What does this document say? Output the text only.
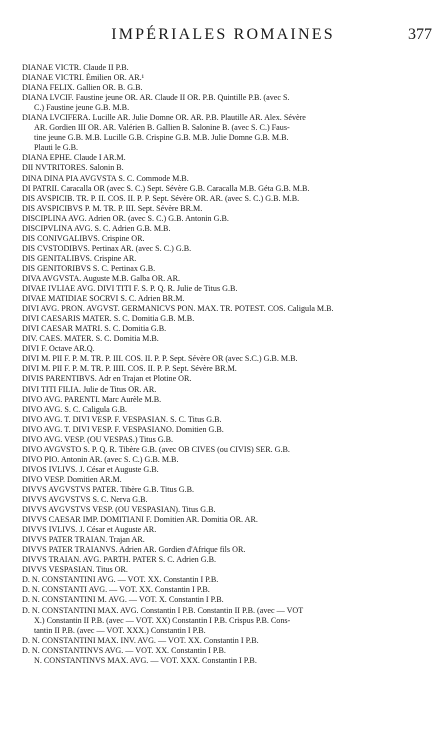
IMPÉRIALES ROMAINES	377
DIANAE VICTR. Claude II P.B.
DIANAE VICTRI. Émilien OR. AR.¹
DIANA FELIX. Gallien OR. B. G.B.
DIANA LVCIF. Faustine jeune OR. AR. Claude II OR. P.B. Quintille P.B. (avec S.
C.) Faustine jeune G.B. M.B.
DIANA LVCIFERA. Lucille AR. Julie Domne OR. AR. P.B. Plautille AR. Alex. Sévère
AR. Gordien III OR. AR. Valérien B. Gallien B. Salonine B. (avec S. C.) Faus-
tine jeune G.B. M.B. Lucille G.B. Crispine G.B. M.B. Julie Domne G.B. M.B.
Plauti le G.B.
DIANA EPHE. Claude I AR.M.
DII NVTRITORES. Salonin B.
DINA DINA PIA AVGVSTA S. C. Commode M.B.
DI PATRII. Caracalla OR (avec S. C.) Sept. Sévère G.B. Caracalla M.B. Géta G.B. M.B.
DIS AVSPICIB. TR. P. II. COS. II. P. P. Sept. Sévère OR. AR. (avec S. C.) G.B. M.B.
DIS AVSPICIBVS P. M. TR. P. III. Sept. Sévère BR.M.
DISCIPLINA AVG. Adrien OR. (avec S. C.) G.B. Antonin G.B.
DISCIPVLINA AVG. S. C. Adrien G.B. M.B.
DIS CONIVGALIBVS. Crispine OR.
DIS CVSTODIBVS. Pertinax AR. (avec S. C.) G.B.
DIS GENITALIBVS. Crispine AR.
DIS GENITORIBVS S. C. Pertinax G.B.
DIVA AVGVSTA. Auguste M.B. Galba OR. AR.
DIVAE IVLIAE AVG. DIVI TITI F. S. P. Q. R. Julie de Titus G.B.
DIVAE MATIDIAE SOCRVI S. C. Adrien BR.M.
DIVI AVG. PRON. AVGVST. GERMANICVS PON. MAX. TR. POTEST. COS. Caligula M.B.
DIVI CAESARIS MATER. S. C. Domitia G.B. M.B.
DIVI CAESAR MATRI. S. C. Domitia G.B.
DIV. CAES. MATER. S. C. Domitia M.B.
DIVI F. Octave AR.Q.
DIVI M. PII F. P. M. TR. P. III. COS. II. P. P. Sept. Sévère OR (avec S.C.) G.B. M.B.
DIVI M. PII F. P. M. TR. P. IIII. COS. II. P. P. Sept. Sévère BR.M.
DIVIS PARENTIBVS. Adr en Trajan et Plotine OR.
DIVI TITI FILIA. Julie de Titus OR. AR.
DIVO AVG. PARENTI. Marc Aurèle M.B.
DIVO AVG. S. C. Caligula G.B.
DIVO AVG. T. DIVI VESP. F. VESPASIAN. S. C. Titus G.B.
DIVO AVG. T. DIVI VESP. F. VESPASIANO. Domitien G.B.
DIVO AVG. VESP. (OU VESPAS.) Titus G.B.
DIVO AVGVSTO S. P. Q. R. Tibère G.B. (avec OB CIVES (ou CIVIS) SER. G.B.
DIVO PIO. Antonin AR. (avec S. C.) G.B. M.B.
DIVOS IVLIVS. J. César et Auguste G.B.
DIVO VESP. Domitien AR.M.
DIVVS AVGVSTVS PATER. Tibère G.B. Titus G.B.
DIVVS AVGVSTVS S. C. Nerva G.B.
DIVVS AVGVSTVS VESP. (OU VESPASIAN). Titus G.B.
DIVVS CAESAR IMP. DOMITIANI F. Domitien AR. Domitia OR. AR.
DIVVS IVLIVS. J. César et Auguste AR.
DIVVS PATER TRAIAN. Trajan AR.
DIVVS PATER TRAIANVS. Adrien AR. Gordien d'Afrique fils OR.
DIVVS TRAIAN. AVG. PARTH. PATER S. C. Adrien G.B.
DIVVS VESPASIAN. Titus OR.
D. N. CONSTANTINI AVG. — VOT. XX. Constantin I P.B.
D. N. CONSTANTI AVG. — VOT. XX. Constantin I P.B.
D. N. CONSTANTINI M. AVG. — VOT. X. Constantin I P.B.
D. N. CONSTANTINI MAX. AVG. Constantin I P.B. Constantin II P.B. (avec — VOT
X.) Constantin II P.B. (avec — VOT. XX) Constantin I P.B. Crispus P.B. Cons-
tantin II P.B. (avec — VOT. XXX.) Constantin I P.B.
D. N. CONSTANTINI MAX. INV. AVG. — VOT. XX. Constantin I P.B.
D. N. CONSTANTINVS AVG. — VOT. XX. Constantin I P.B.
N. CONSTANTINVS MAX. AVG. — VOT. XXX. Constantin I P.B.
